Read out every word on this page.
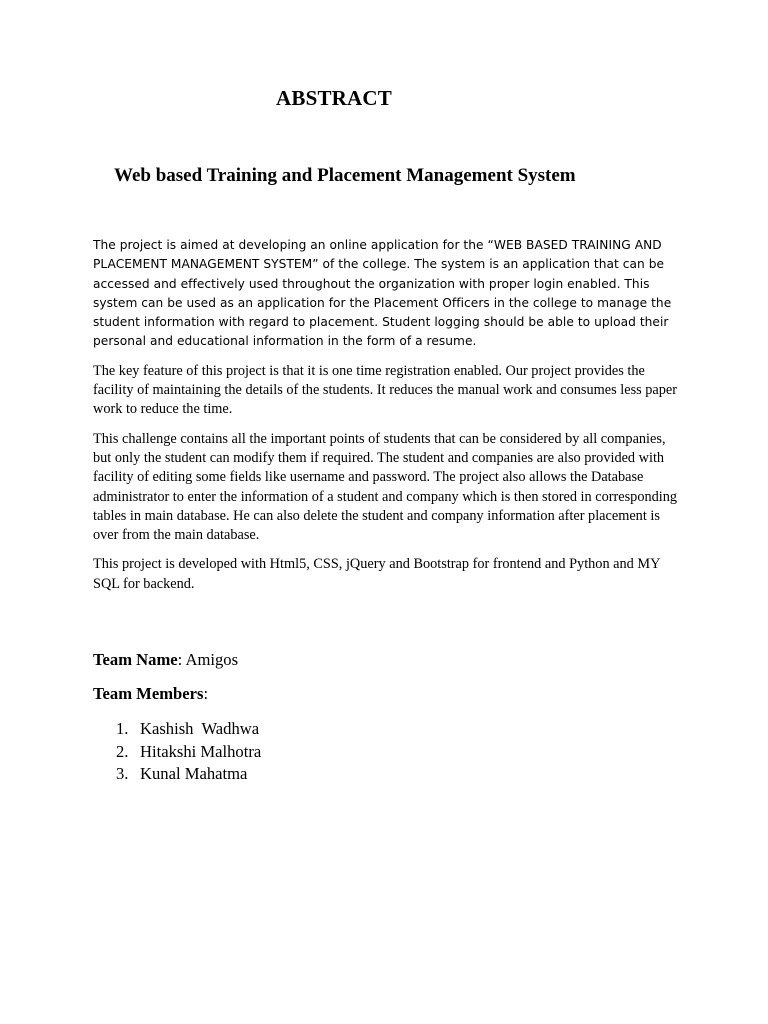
ABSTRACT
Web based Training and Placement Management System

The project is aimed at developing an online application for the “WEB BASED TRAINING AND PLACEMENT MANAGEMENT SYSTEM” of the college. The system is an application that can be accessed and effectively used throughout the organization with proper login enabled. This system can be used as an application for the Placement Officers in the college to manage the student information with regard to placement. Student logging should be able to upload their personal and educational information in the form of a resume.

The key feature of this project is that it is one time registration enabled. Our project provides the facility of maintaining the details of the students. It reduces the manual work and consumes less paper work to reduce the time.

This challenge contains all the important points of students that can be considered by all companies, but only the student can modify them if required. The student and companies are also provided with facility of editing some fields like username and password. The project also allows the Database administrator to enter the information of a student and company which is then stored in corresponding tables in main database. He can also delete the student and company information after placement is over from the main database.

This project is developed with Html5, CSS, jQuery and Bootstrap for frontend and Python and MY SQL for backend.

Team Name: Amigos
Team Members:
1. Kashish  Wadhwa
2. Hitakshi Malhotra
3. Kunal Mahatma
